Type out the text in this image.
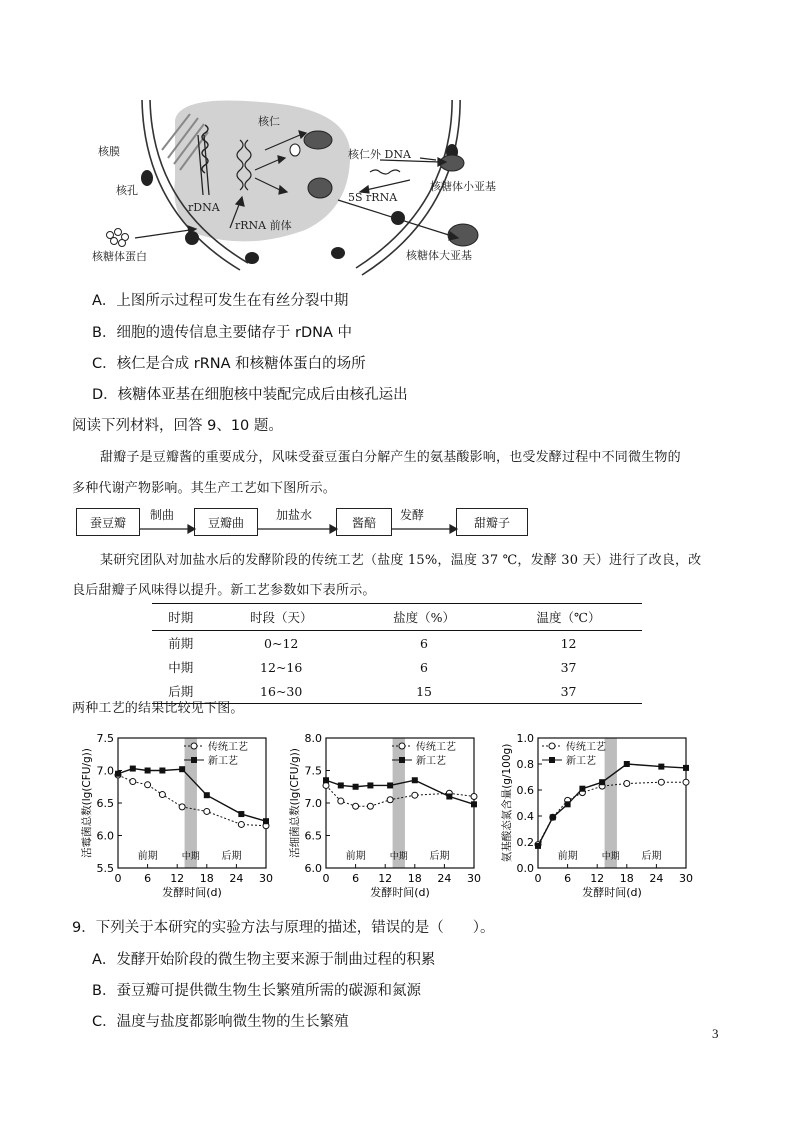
核仁
核膜
核孔
rDNA
rRNA 前体
核仁外 DNA
5S rRNA
核糖体小亚基
核糖体大亚基
核糖体蛋白
A．上图所示过程可发生在有丝分裂中期
B．细胞的遗传信息主要储存于 rDNA 中
C．核仁是合成 rRNA 和核糖体蛋白的场所
D．核糖体亚基在细胞核中装配完成后由核孔运出
阅读下列材料，回答 9、10 题。
甜瓣子是豆瓣酱的重要成分，风味受蚕豆蛋白分解产生的氨基酸影响，也受发酵过程中不同微生物的
多种代谢产物影响。其生产工艺如下图所示。
蚕豆瓣	豆瓣曲	酱醅	甜瓣子
制曲	加盐水	发酵
某研究团队对加盐水后的发酵阶段的传统工艺（盐度 15%，温度 37 ℃，发酵 30 天）进行了改良，改
良后甜瓣子风味得以提升。新工艺参数如下表所示。
时期	时段（天）	盐度（%）	温度（℃）
前期	0~12	6	12
中期	12~16	6	37
后期	16~30	15	37
两种工艺的结果比较见下图。
5.5
6.0
6.5
7.0
7.5
0 6 12 18 24 30
发酵时间(d)
活霉菌总数(lg(CFU/g))	前期	中期 后期
传统工艺
新工艺
6.0
6.5
7.0
7.5
8.0
0 6 12 18 24 30
发酵时间(d)
活细菌总数(lg(CFU/g))	前期	中期 后期
传统工艺
新工艺
0.0
0.2
0.4
0.6
0.8
1.0
0 6 12 18 24 30
发酵时间(d)
氨基酸态氮含量(g/100g)	前期	中期 后期
传统工艺
新工艺
9．下列关于本研究的实验方法与原理的描述，错误的是（　　）。
A．发酵开始阶段的微生物主要来源于制曲过程的积累
B．蚕豆瓣可提供微生物生长繁殖所需的碳源和氮源
C．温度与盐度都影响微生物的生长繁殖
3
